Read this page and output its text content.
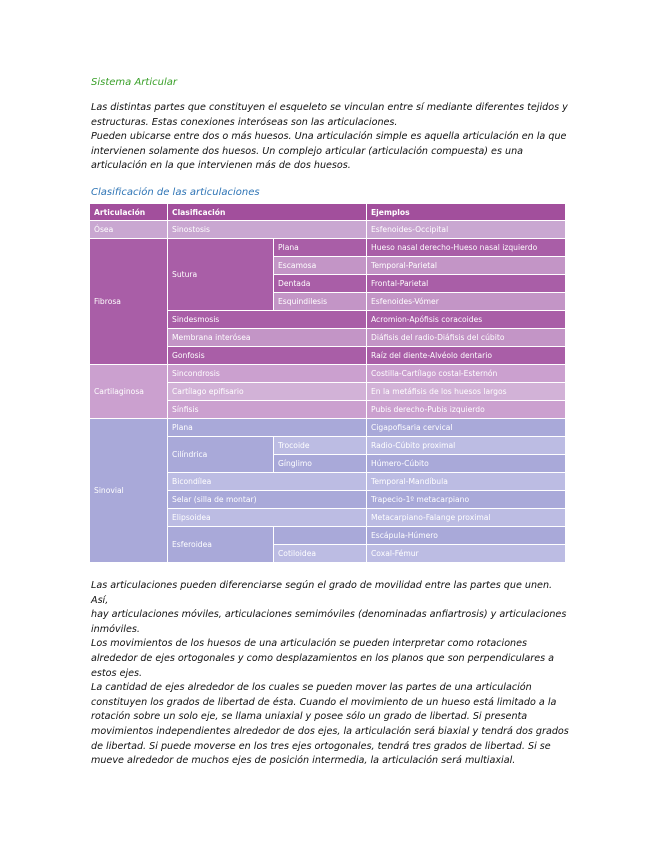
Sistema Articular

Las distintas partes que constituyen el esqueleto se vinculan entre sí mediante diferentes tejidos y
estructuras. Estas conexiones interóseas son las articulaciones.
Pueden ubicarse entre dos o más huesos. Una articulación simple es aquella articulación en la que
intervienen solamente dos huesos. Un complejo articular (articulación compuesta) es una
articulación en la que intervienen más de dos huesos.

Clasificación de las articulaciones
Articulación	Clasificación		Ejemplos
Ósea	Sinostosis		Esfenoides-Occipital
Fibrosa	Sutura	Plana	Hueso nasal derecho-Hueso nasal izquierdo
		Escamosa	Temporal-Parietal
		Dentada	Frontal-Parietal
		Esquindilesis	Esfenoides-Vómer
	Sindesmosis		Acromion-Apófisis coracoides
	Membrana interósea		Diáfisis del radio-Diáfisis del cúbito
	Gonfosis		Raíz del diente-Alvéolo dentario
Cartilaginosa	Sincondrosis		Costilla-Cartílago costal-Esternón
	Cartílago epifisario		En la metáfisis de los huesos largos
	Sínfisis		Pubis derecho-Pubis izquierdo
Sinovial	Plana		Cigapofisaria cervical
	Cilíndrica	Trocoide	Radio-Cúbito proximal
		Gínglimo	Húmero-Cúbito
	Bicondílea		Temporal-Mandíbula
	Selar (silla de montar)		Trapecio-1º metacarpiano
	Elipsoidea		Metacarpiano-Falange proximal
	Esferoidea		Escápula-Húmero
		Cotiloidea	Coxal-Fémur

Las articulaciones pueden diferenciarse según el grado de movilidad entre las partes que unen. Así,
hay articulaciones móviles, articulaciones semimóviles (denominadas anfiartrosis) y articulaciones
inmóviles.
Los movimientos de los huesos de una articulación se pueden interpretar como rotaciones
alrededor de ejes ortogonales y como desplazamientos en los planos que son perpendiculares a
estos ejes.
La cantidad de ejes alrededor de los cuales se pueden mover las partes de una articulación
constituyen los grados de libertad de ésta. Cuando el movimiento de un hueso está limitado a la
rotación sobre un solo eje, se llama uniaxial y posee sólo un grado de libertad. Si presenta
movimientos independientes alrededor de dos ejes, la articulación será biaxial y tendrá dos grados
de libertad. Si puede moverse en los tres ejes ortogonales, tendrá tres grados de libertad. Si se
mueve alrededor de muchos ejes de posición intermedia, la articulación será multiaxial.
